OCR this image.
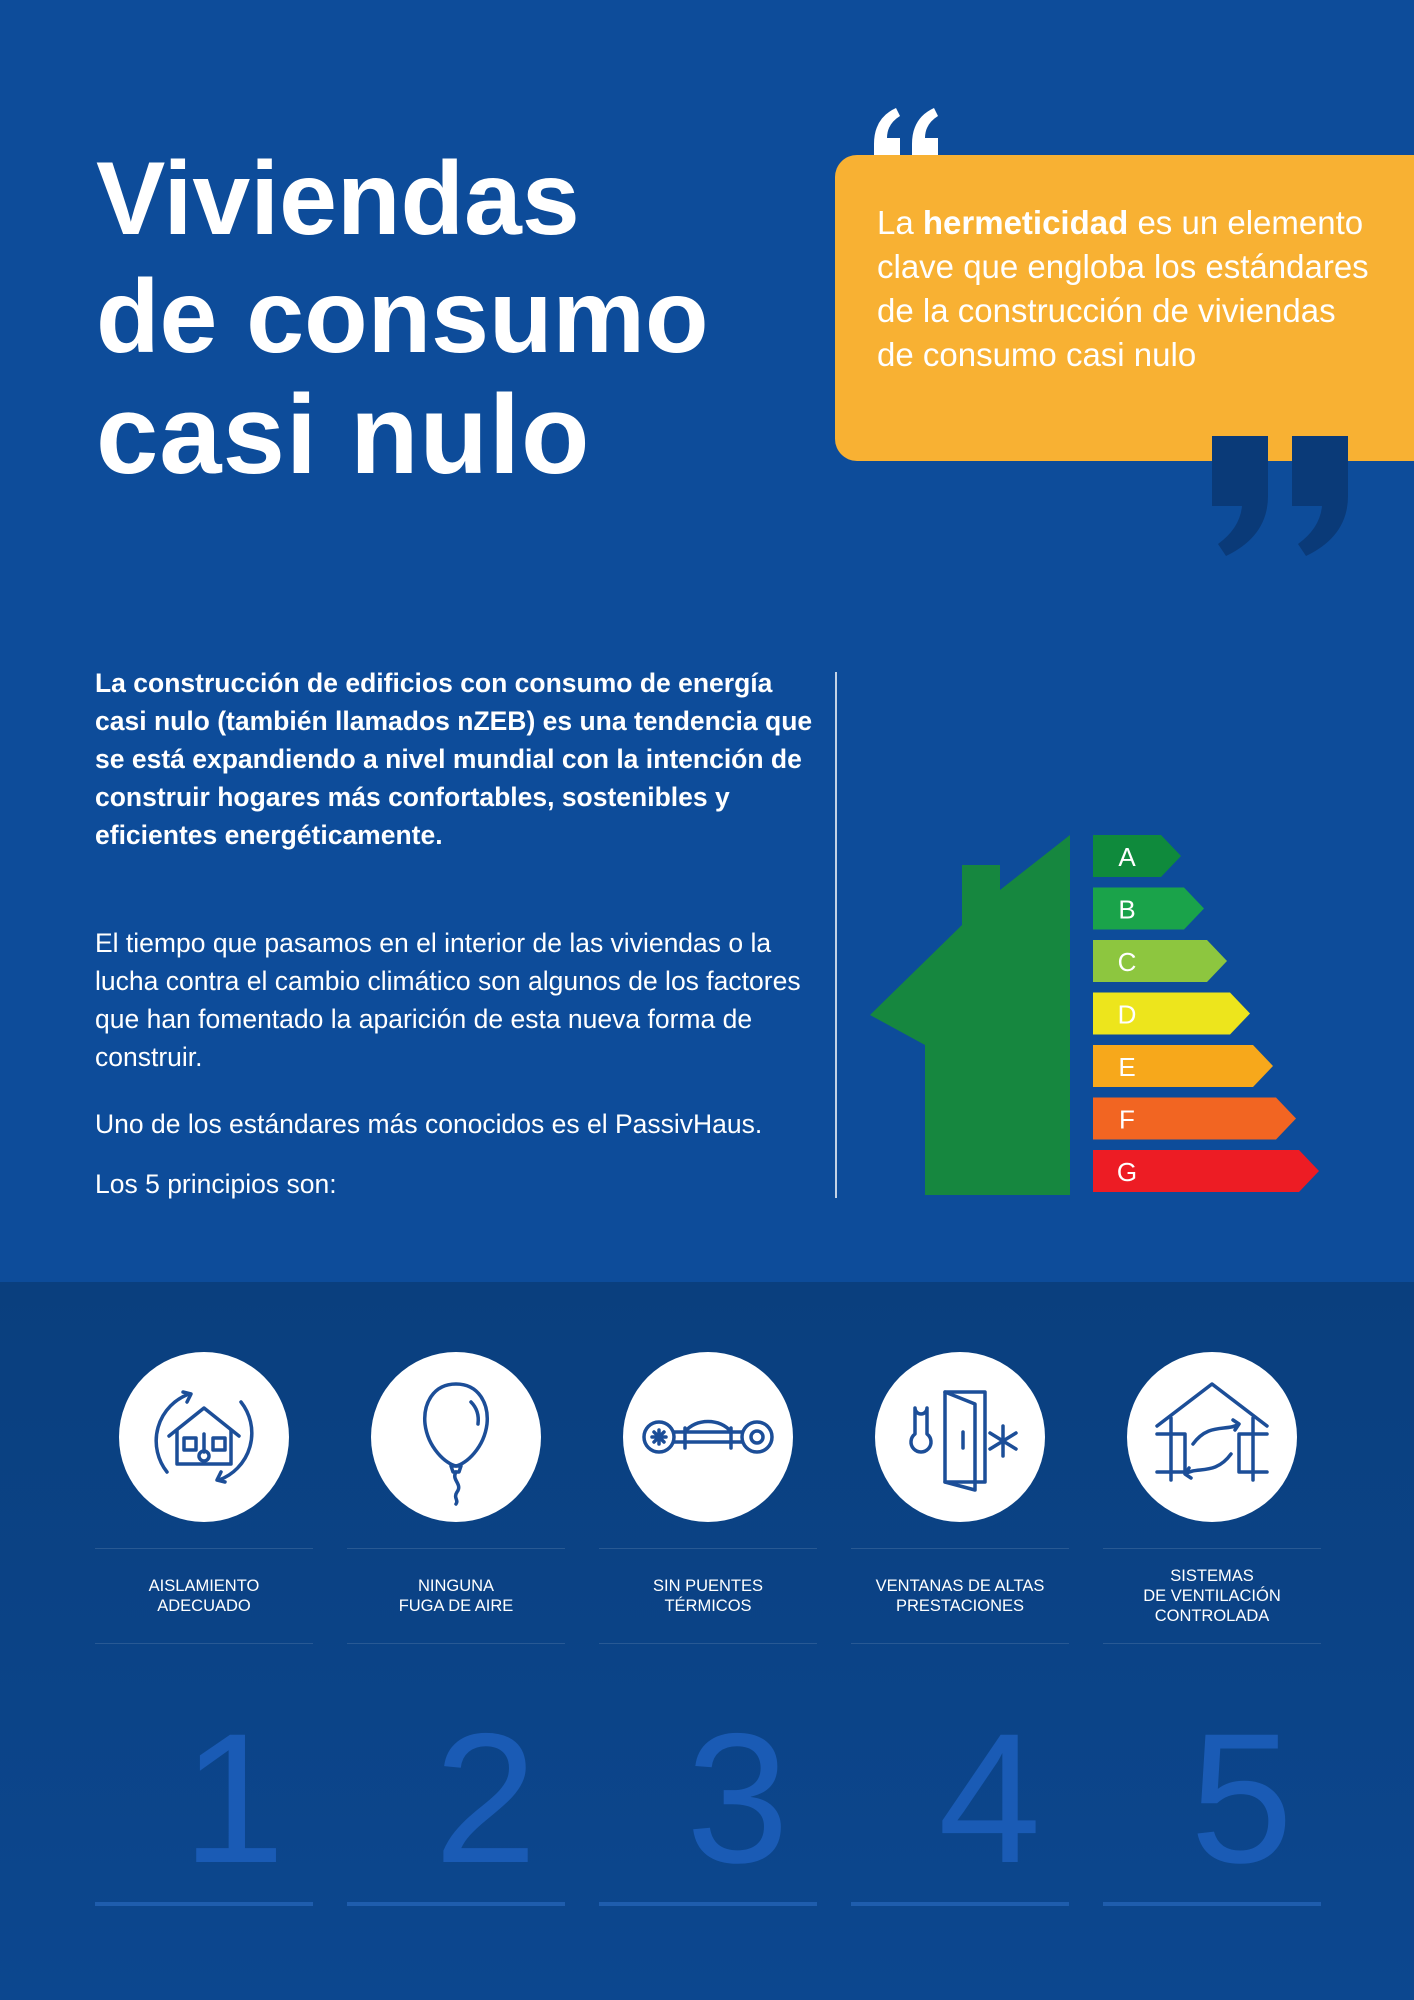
Viviendas
de consumo
casi nulo

La hermeticidad es un elemento clave que engloba los estándares de la construcción de viviendas de consumo casi nulo

La construcción de edificios con consumo de energía casi nulo (también llamados nZEB) es una tendencia que se está expandiendo a nivel mundial con la intención de construir hogares más confortables, sostenibles y eficientes energéticamente.

El tiempo que pasamos en el interior de las viviendas o la lucha contra el cambio climático son algunos de los factores que han fomentado la aparición de esta nueva forma de construir.

Uno de los estándares más conocidos es el PassivHaus.

Los 5 principios son:

A
B
C
D
E
F
G
AISLAMIENTO
ADECUADO
1
NINGUNA
FUGA DE AIRE
2
SIN PUENTES
TÉRMICOS
3
VENTANAS DE ALTAS
PRESTACIONES
4
SISTEMAS
DE VENTILACIÓN
CONTROLADA
5
